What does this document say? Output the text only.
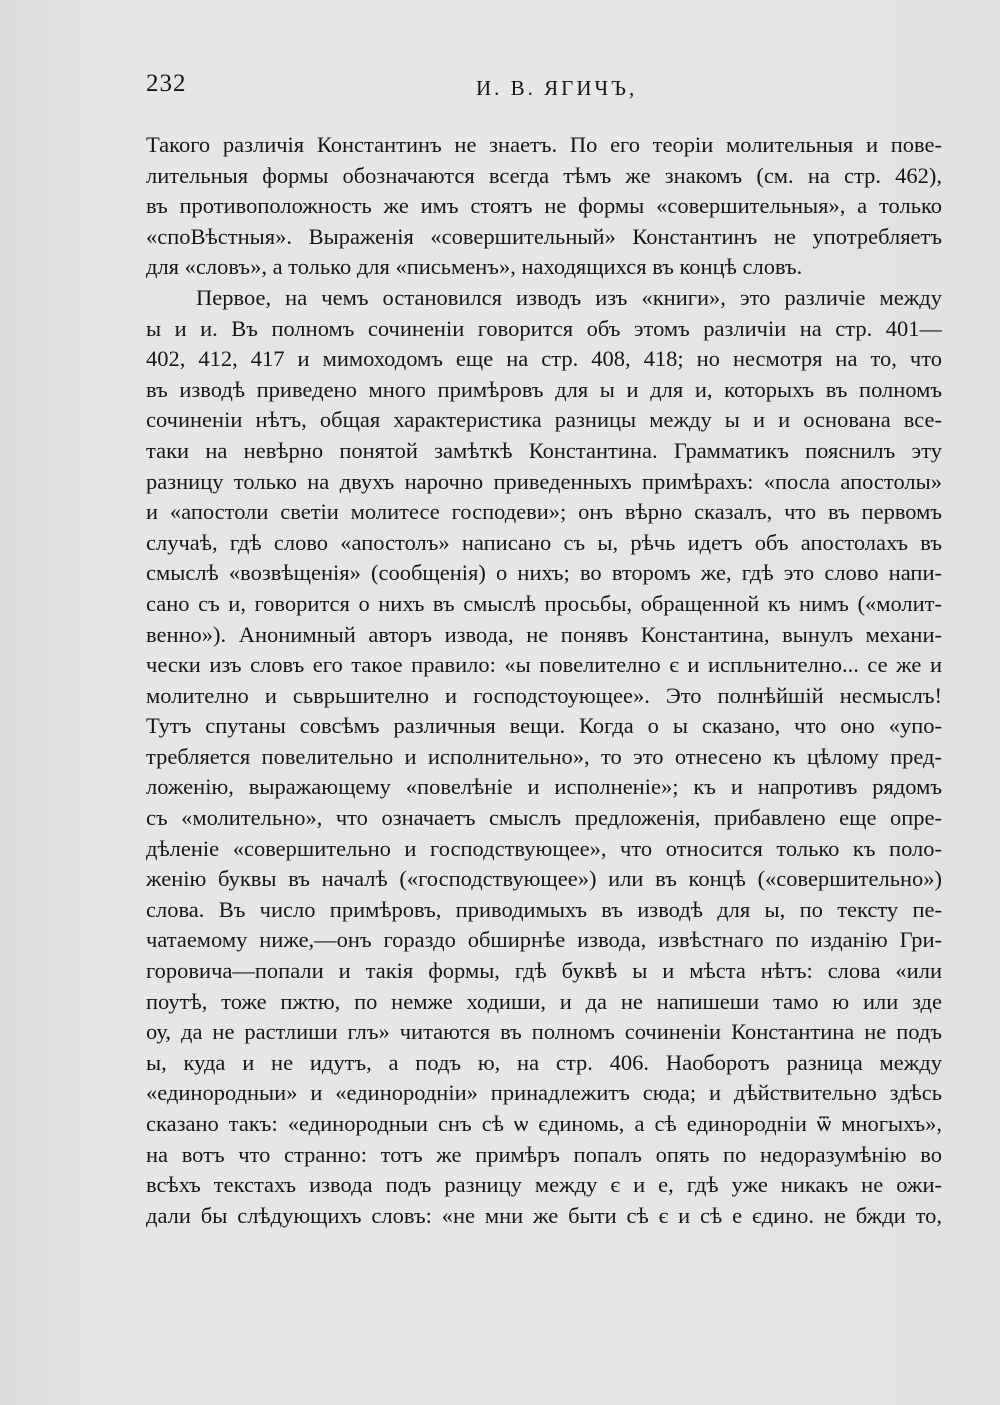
232	И. В. ЯГИЧЪ,
Такого различія Константинъ не знаетъ. По его теоріи молительныя и пове-
лительныя формы обозначаются всегда тѣмъ же знакомъ (см. на стр. 462),
въ противоположность же имъ стоятъ не формы «совершительныя», а только
«споВѣстныя». Выраженія «совершительный» Константинъ не употребляетъ
для «словъ», а только для «письменъ», находящихся въ концѣ словъ.
Первое, на чемъ остановился изводъ изъ «книги», это различіе между
ы и и. Въ полномъ сочиненіи говорится объ этомъ различіи на стр. 401—
402, 412, 417 и мимоходомъ еще на стр. 408, 418; но несмотря на то, что
въ изводѣ приведено много примѣровъ для ы и для и, которыхъ въ полномъ
сочиненіи нѣтъ, общая характеристика разницы между ы и и основана все-
таки на невѣрно понятой замѣткѣ Константина. Грамматикъ пояснилъ эту
разницу только на двухъ нарочно приведенныхъ примѣрахъ: «посла апостолы»
и «апостоли светіи молитесе господеви»; онъ вѣрно сказалъ, что въ первомъ
случаѣ, гдѣ слово «апостолъ» написано съ ы, рѣчь идетъ объ апостолахъ въ
смыслѣ «возвѣщенія» (сообщенія) о нихъ; во второмъ же, гдѣ это слово напи-
сано съ и, говорится о нихъ въ смыслѣ просьбы, обращенной къ нимъ («молит-
венно»). Анонимный авторъ извода, не понявъ Константина, вынулъ механи-
чески изъ словъ его такое правило: «ы повелително є и испльнително... се же и
молително и сьврьшително и господстоующее». Это полнѣйшій несмыслъ!
Тутъ спутаны совсѣмъ различныя вещи. Когда о ы сказано, что оно «упо-
требляется повелительно и исполнительно», то это отнесено къ цѣлому пред-
ложенію, выражающему «повелѣніе и исполненіе»; къ и напротивъ рядомъ
съ «молительно», что означаетъ смыслъ предложенія, прибавлено еще опре-
дѣленіе «совершительно и господствующее», что относится только къ поло-
женію буквы въ началѣ («господствующее») или въ концѣ («совершительно»)
слова. Въ число примѣровъ, приводимыхъ въ изводѣ для ы, по тексту пе-
чатаемому ниже,—онъ гораздо обширнѣе извода, извѣстнаго по изданію Гри-
горовича—попали и такія формы, гдѣ буквѣ ы и мѣста нѣтъ: слова «или
поутѣ, тоже пжтю, по немже ходиши, и да не напишеши тамо ю или зде
оу, да не растлиши глъ» читаются въ полномъ сочиненіи Константина не подъ
ы, куда и не идутъ, а подъ ю, на стр. 406. Наоборотъ разница между
«единородныи» и «единородніи» принадлежитъ сюда; и дѣйствительно здѣсь
сказано такъ: «единородныи снъ сѣ ѡ єдиномь, а сѣ единородніи ѿ многыхъ»,
на вотъ что странно: тотъ же примѣръ попалъ опять по недоразумѣнію во
всѣхъ текстахъ извода подъ разницу между є и е, гдѣ уже никакъ не ожи-
дали бы слѣдующихъ словъ: «не мни же быти сѣ є и сѣ е єдино. не бжди то,
